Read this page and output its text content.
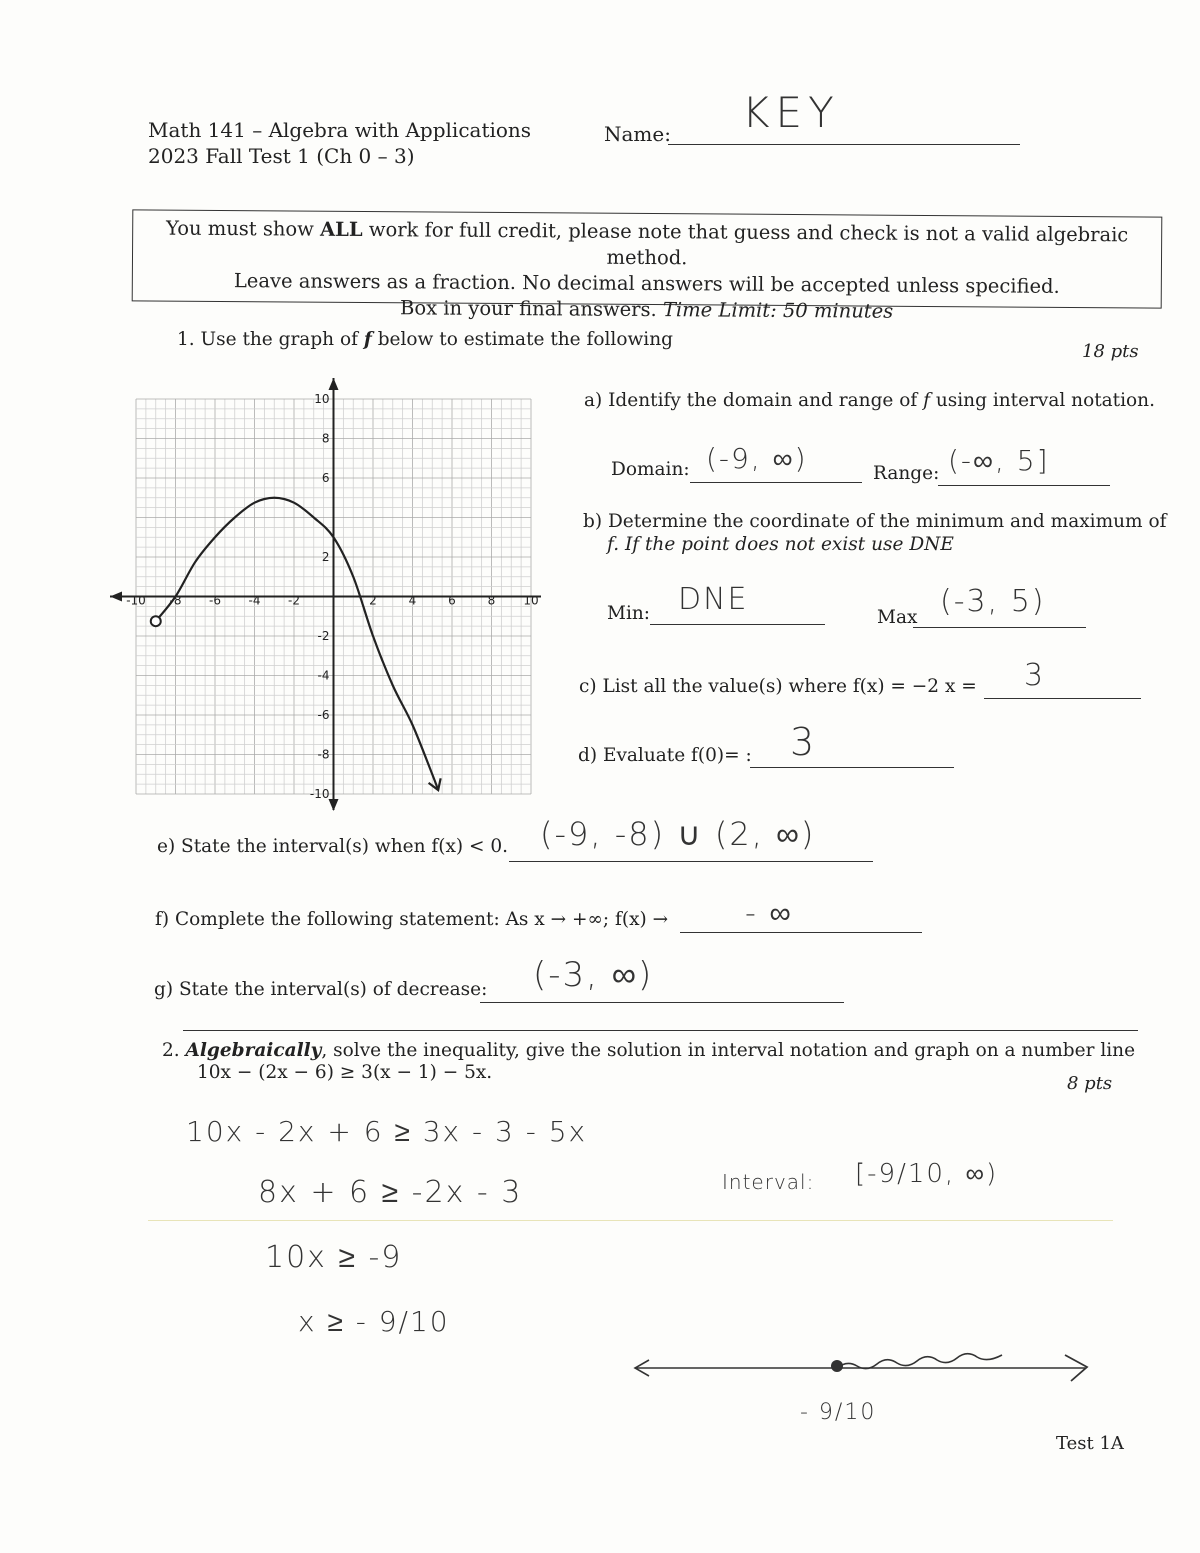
Math 141 – Algebra with Applications
2023 Fall Test 1 (Ch 0 – 3)
Name: KEY
You must show ALL work for full credit, please note that guess and check is not a valid algebraic method.
Leave answers as a fraction. No decimal answers will be accepted unless specified.
Box in your final answers. Time Limit: 50 minutes
1. Use the graph of f below to estimate the following
18 pts
-10 -8 -6 -4 -2	2	4	6	8 10
10
8
6
2
-2
-4
-6
-8
-10
a) Identify the domain and range of f using interval notation.
Domain: (-9, ∞)	Range: (-∞, 5]
b) Determine the coordinate of the minimum and maximum of
f. If the point does not exist use DNE
Min: DNE
Max (-3, 5)
c) List all the value(s) where f(x) = −2 x = 3
d) Evaluate f(0)= : 3
e) State the interval(s) when f(x) < 0. (-9, -8) ∪ (2, ∞)
f) Complete the following statement: As x → +∞; f(x) →	- ∞
g) State the interval(s) of decrease: (-3, ∞)
2. Algebraically, solve the inequality, give the solution in interval notation and graph on a number line
10x − (2x − 6) ≥ 3(x − 1) − 5x.
8 pts
10x - 2x + 6 ≥ 3x - 3 - 5x
8x + 6 ≥ -2x - 3
10x ≥ -9
x ≥ - 9/10
Interval: [-9/10, ∞)
- 9/10
Test 1A
